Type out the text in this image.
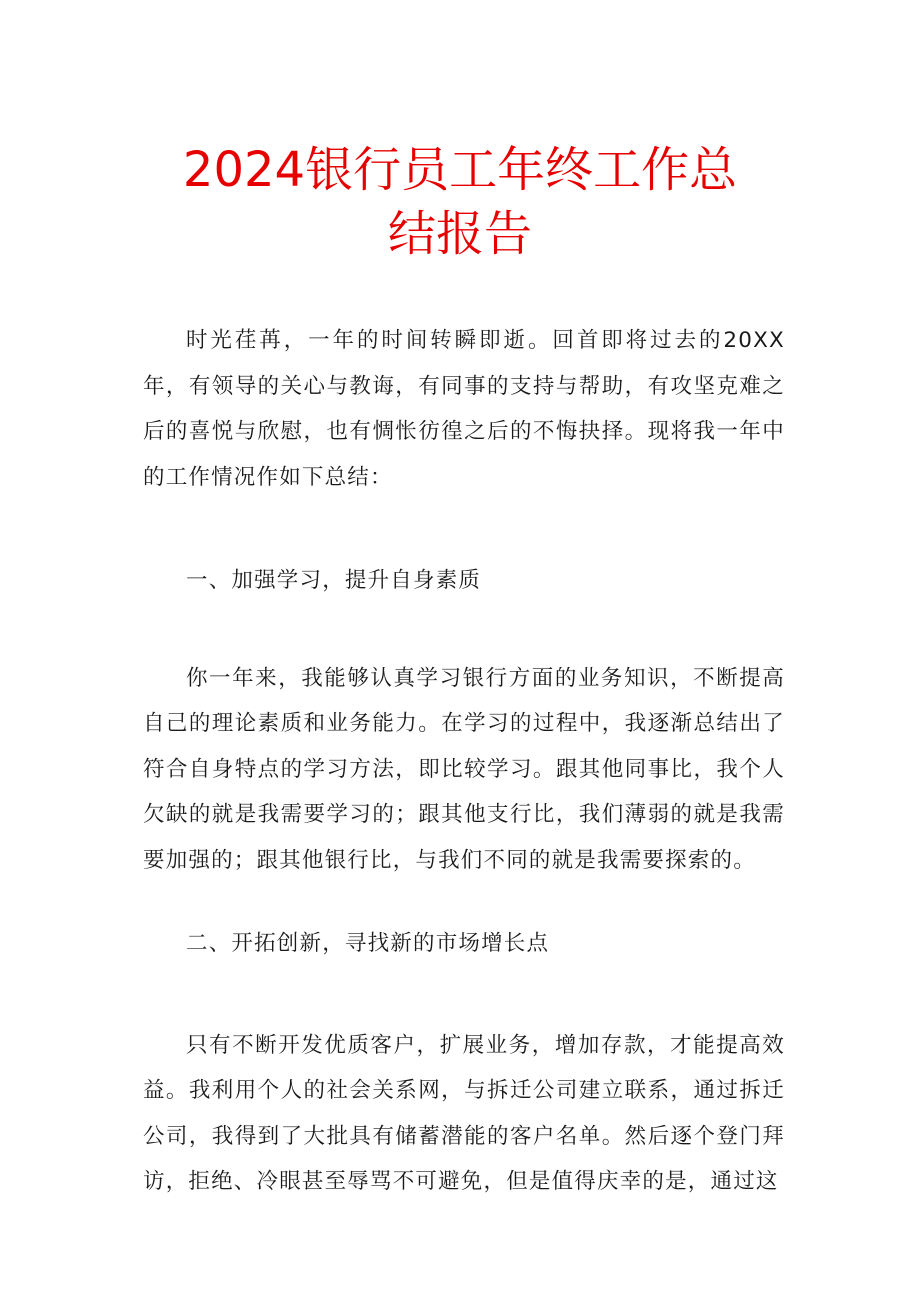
2024银行员工年终工作总
结报告

时光荏苒，一年的时间转瞬即逝。回首即将过去的20XX年，有领导的关心与教诲，有同事的支持与帮助，有攻坚克难之后的喜悦与欣慰，也有惆怅彷徨之后的不悔抉择。现将我一年中的工作情况作如下总结：

一、加强学习，提升自身素质

你一年来，我能够认真学习银行方面的业务知识，不断提高自己的理论素质和业务能力。在学习的过程中，我逐渐总结出了符合自身特点的学习方法，即比较学习。跟其他同事比，我个人欠缺的就是我需要学习的；跟其他支行比，我们薄弱的就是我需要加强的；跟其他银行比，与我们不同的就是我需要探索的。

二、开拓创新，寻找新的市场增长点

只有不断开发优质客户，扩展业务，增加存款，才能提高效益。我利用个人的社会关系网，与拆迁公司建立联系，通过拆迁公司，我得到了大批具有储蓄潜能的客户名单。然后逐个登门拜访，拒绝、冷眼甚至辱骂不可避免，但是值得庆幸的是，通过这
